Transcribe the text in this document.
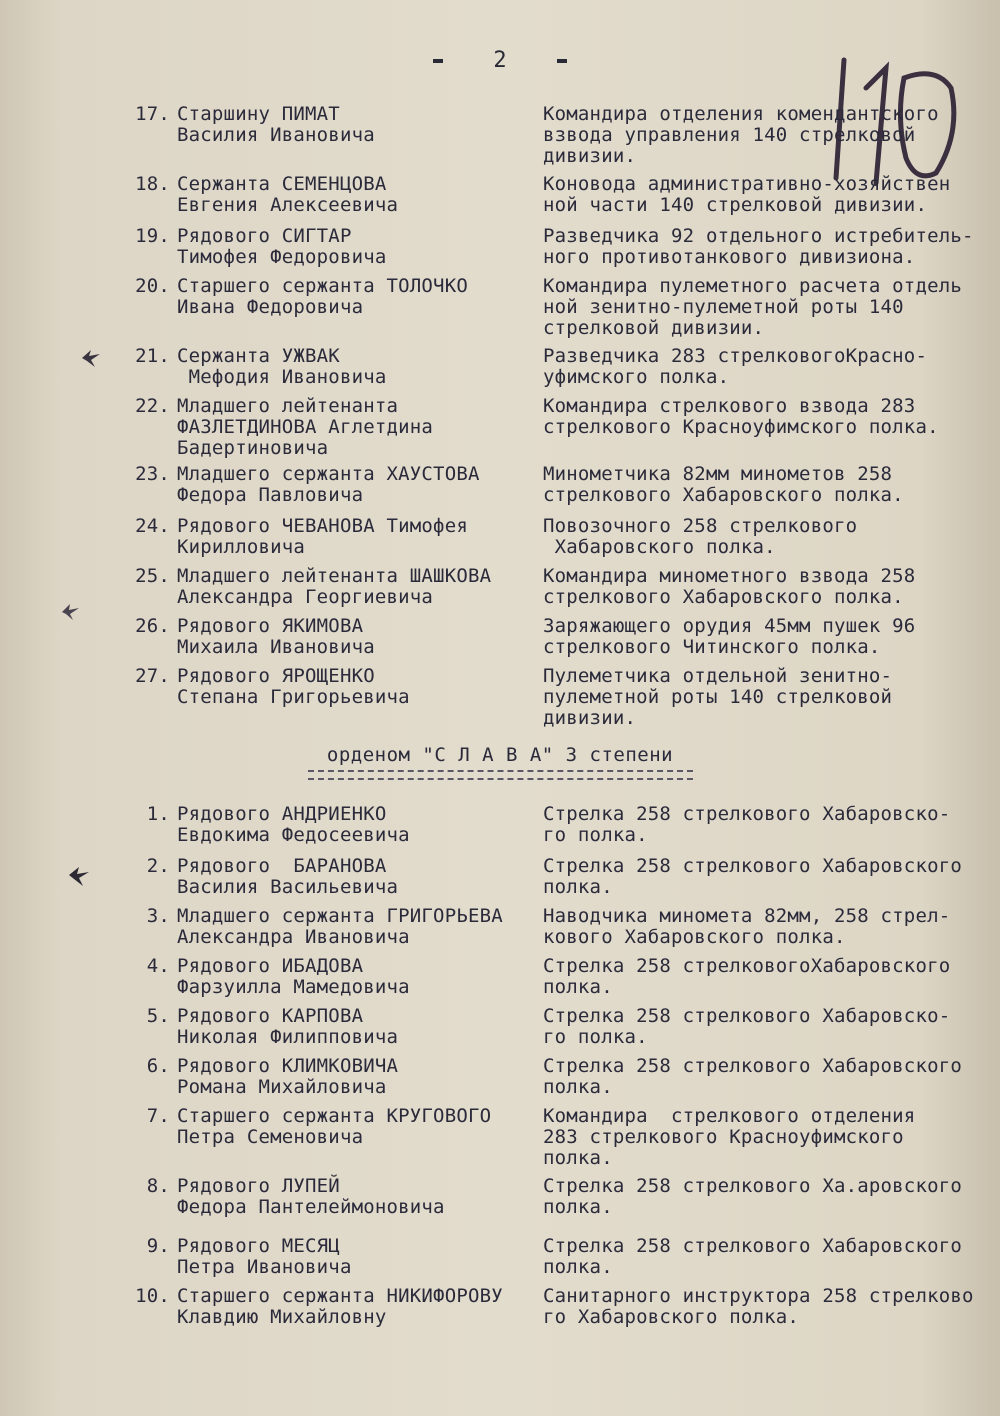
2
17. Старшину ПИМАТ
Василия Ивановича
Командира отделения комендантского
взвода управления 140 стрелковой
дивизии.
18. Сержанта СЕМЕНЦОВА
Евгения Алексеевича
Коновода административно-хозяйствен
ной части 140 стрелковой дивизии.
19. Рядового СИГТАР
Тимофея Федоровича
Разведчика 92 отдельного истребитель-
ного противотанкового дивизиона.
20. Старшего сержанта ТОЛОЧКО
Ивана Федоровича
Командира пулеметного расчета отдель
ной зенитно-пулеметной роты 140
стрелковой дивизии.
21. Сержанта УЖВАК
Мефодия Ивановича
Разведчика 283 стрелковогоКрасно-
уфимского полка.
22. Младшего лейтенанта
ФАЗЛЕТДИНОВА Аглетдина
Бадертиновича
Командира стрелкового взвода 283
стрелкового Красноуфимского полка.
23. Младшего сержанта ХАУСТОВА
Федора Павловича
Минометчика 82мм минометов 258
стрелкового Хабаровского полка.
24. Рядового ЧЕВАНОВА Тимофея
Кирилловича
Повозочного 258 стрелкового
Хабаровского полка.
25. Младшего лейтенанта ШАШКОВА
Александра Георгиевича
Командира минометного взвода 258
стрелкового Хабаровского полка.
26. Рядового ЯКИМОВА
Михаила Ивановича
Заряжающего орудия 45мм пушек 96
стрелкового Читинского полка.
27. Рядового ЯРОЩЕНКО
Степана Григорьевича
Пулеметчика отдельной зенитно-
пулеметной роты 140 стрелковой
дивизии.
орденом "С Л А В А" 3 степени
1. Рядового АНДРИЕНКО
Евдокима Федосеевича
Стрелка 258 стрелкового Хабаровско-
го полка.
2. Рядового  БАРАНОВА
Василия Васильевича
Стрелка 258 стрелкового Хабаровского
полка.
3. Младшего сержанта ГРИГОРЬЕВА
Александра Ивановича
Наводчика миномета 82мм, 258 стрел-
кового Хабаровского полка.
4. Рядового ИБАДОВА
Фарзуилла Мамедовича
Стрелка 258 стрелковогоХабаровского
полка.
5. Рядового КАРПОВА
Николая Филипповича
Стрелка 258 стрелкового Хабаровско-
го полка.
6. Рядового КЛИМКОВИЧА
Романа Михайловича
Стрелка 258 стрелкового Хабаровского
полка.
7. Старшего сержанта КРУГОВОГО
Петра Семеновича
Командира  стрелкового отделения
283 стрелкового Красноуфимского
полка.
8. Рядового ЛУПЕЙ
Федора Пантелеймоновича
Стрелка 258 стрелкового Ха.аровского
полка.
9. Рядового МЕСЯЦ
Петра Ивановича
Стрелка 258 стрелкового Хабаровского
полка.
10. Старшего сержанта НИКИФОРОВУ
Клавдию Михайловну
Санитарного инструктора 258 стрелково
го Хабаровского полка.
